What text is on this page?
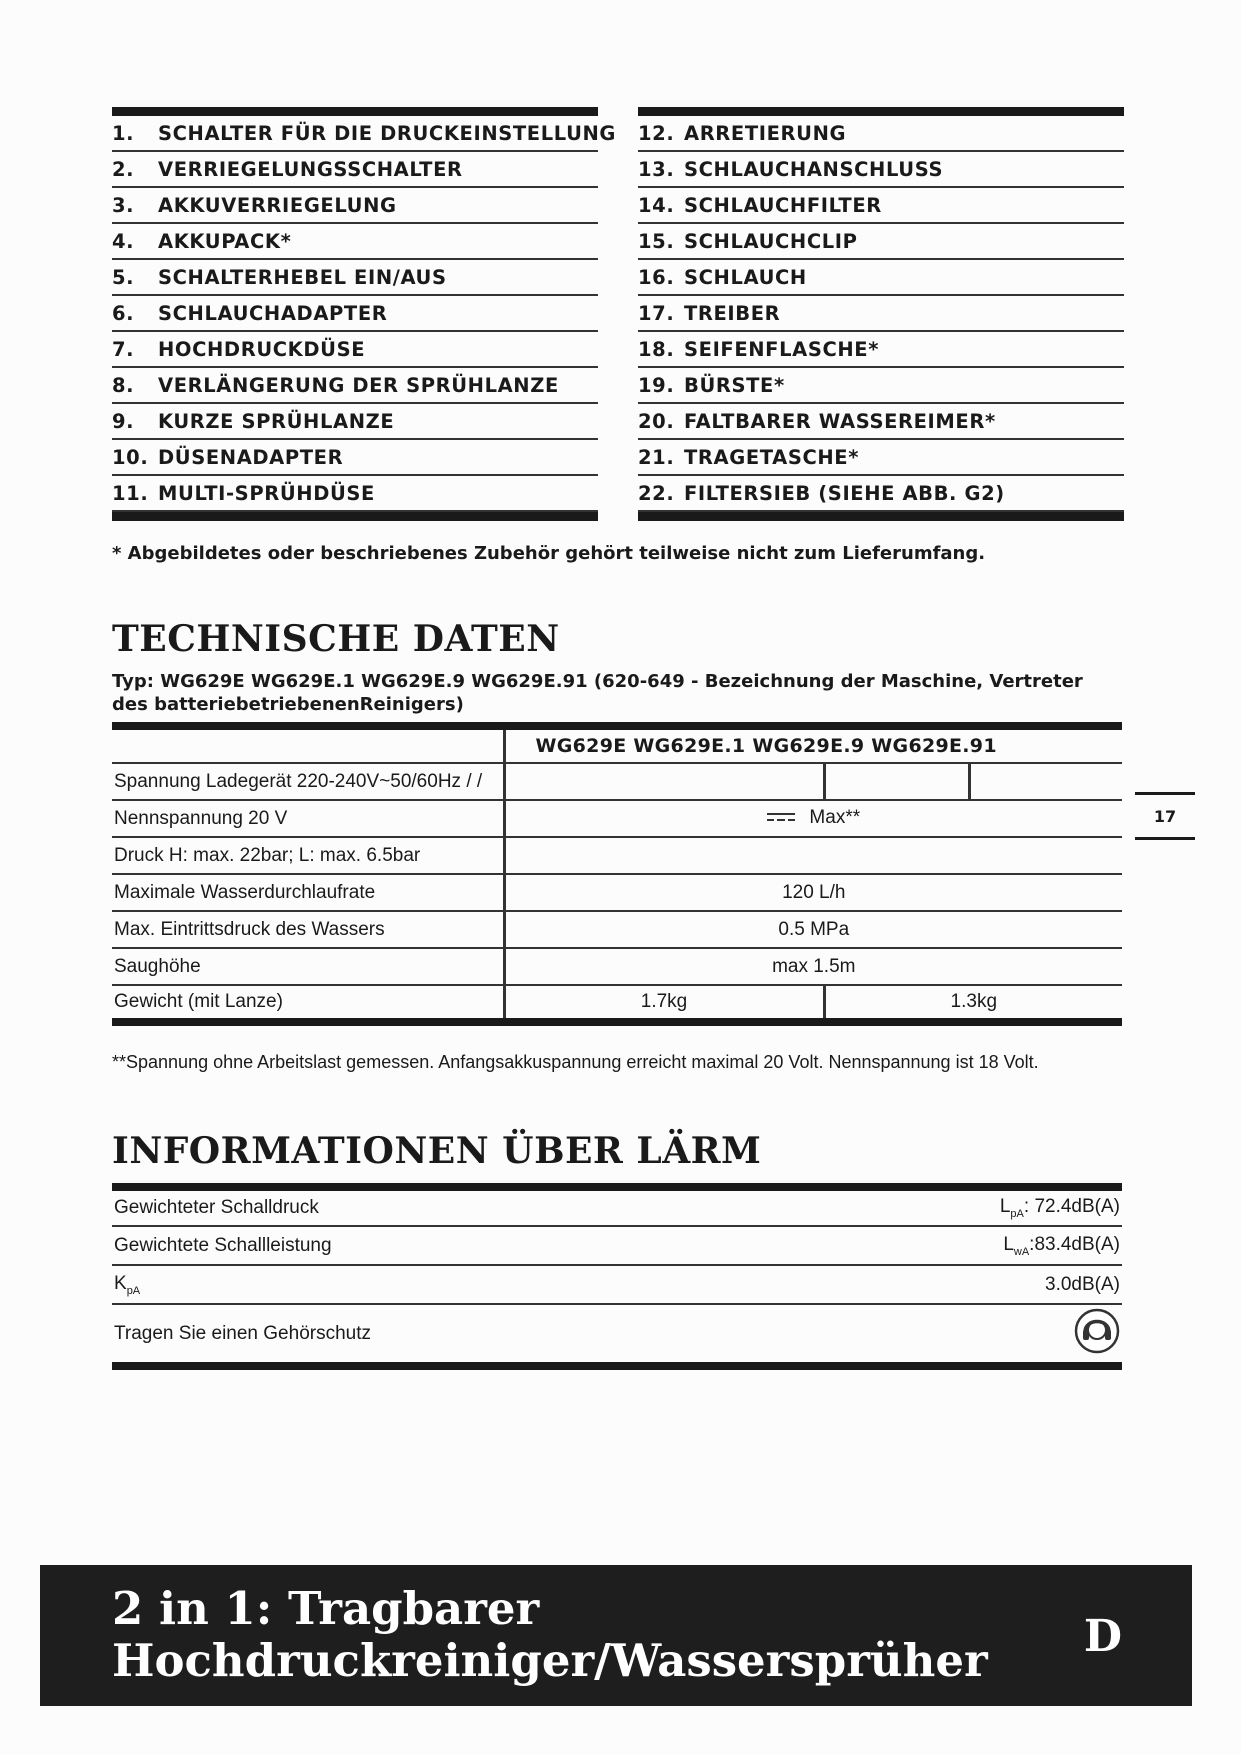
1.	SCHALTER FÜR DIE DRUCKEINSTELLUNG
2.	VERRIEGELUNGSSCHALTER
3.	AKKUVERRIEGELUNG
4.	AKKUPACK*
5.	SCHALTERHEBEL EIN/AUS
6.	SCHLAUCHADAPTER
7.	HOCHDRUCKDÜSE
8.	VERLÄNGERUNG DER SPRÜHLANZE
9.	KURZE SPRÜHLANZE
10. DÜSENADAPTER
11. MULTI-SPRÜHDÜSE
12. ARRETIERUNG
13. SCHLAUCHANSCHLUSS
14. SCHLAUCHFILTER
15. SCHLAUCHCLIP
16. SCHLAUCH
17. TREIBER
18. SEIFENFLASCHE*
19. BÜRSTE*
20. FALTBARER WASSEREIMER*
21. TRAGETASCHE*
22. FILTERSIEB (SIEHE ABB. G2)
* Abgebildetes oder beschriebenes Zubehör gehört teilweise nicht zum Lieferumfang.
TECHNISCHE DATEN
Typ: WG629E WG629E.1 WG629E.9 WG629E.91 (620-649 - Bezeichnung der Maschine, Vertreter des batteriebetriebenenReinigers)
	WG629E WG629E.1 WG629E.9 WG629E.91		
Spannung Ladegerät 220-240V~50/60Hz / /			
Nennspannung 20 V	Max**		
Druck H: max. 22bar; L: max. 6.5bar			
Maximale Wasserdurchlaufrate	120 L/h		
Max. Eintrittsdruck des Wassers	0.5 MPa		
Saughöhe	max 1.5m		
Gewicht (mit Lanze)	1.7kg	1.3kg	
**Spannung ohne Arbeitslast gemessen. Anfangsakkuspannung erreicht maximal 20 Volt. Nennspannung ist 18 Volt.
17
INFORMATIONEN ÜBER LÄRM
Gewichteter Schalldruck	$L_{pA}$: 72.4dB(A)
Gewichtete Schallleistung	$L_{wA}:83.4dB(A)$
$K_{pA}$	3.0dB(A)
Tragen Sie einen Gehörschutz	
2 in 1: Tragbarer
Hochdruckreiniger/Wassersprüher D
